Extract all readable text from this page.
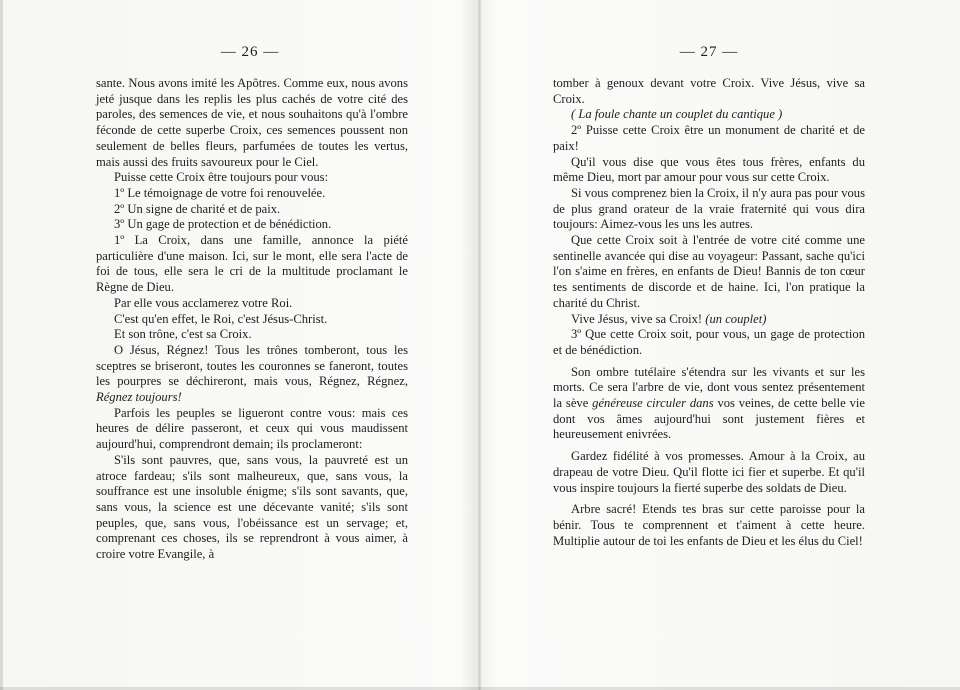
— 26 —

sante. Nous avons imité les Apôtres. Comme eux, nous avons jeté jusque dans les replis les plus cachés de votre cité des paroles, des semences de vie, et nous souhaitons qu'à l'ombre féconde de cette superbe Croix, ces semences poussent non seulement de belles fleurs, parfumées de toutes les vertus, mais aussi des fruits savoureux pour le Ciel.

Puisse cette Croix être toujours pour vous:

1º Le témoignage de votre foi renouvelée.

2º Un signe de charité et de paix.

3º Un gage de protection et de bénédiction.

1º La Croix, dans une famille, annonce la piété particulière d'une maison. Ici, sur le mont, elle sera l'acte de foi de tous, elle sera le cri de la multitude proclamant le Règne de Dieu.

Par elle vous acclamerez votre Roi.

C'est qu'en effet, le Roi, c'est Jésus-Christ.

Et son trône, c'est sa Croix.

O Jésus, Régnez! Tous les trônes tomberont, tous les sceptres se briseront, toutes les couronnes se faneront, toutes les pourpres se déchireront, mais vous, Régnez, Régnez, Régnez toujours!

Parfois les peuples se ligueront contre vous: mais ces heures de délire passeront, et ceux qui vous maudissent aujourd'hui, comprendront demain; ils proclameront:

S'ils sont pauvres, que, sans vous, la pauvreté est un atroce fardeau; s'ils sont malheureux, que, sans vous, la souffrance est une insoluble énigme; s'ils sont savants, que, sans vous, la science est une décevante vanité; s'ils sont peuples, que, sans vous, l'obéissance est un servage; et, comprenant ces choses, ils se reprendront à vous aimer, à croire votre Evangile, à

— 27 —

tomber à genoux devant votre Croix. Vive Jésus, vive sa Croix.

( La foule chante un couplet du cantique )

2º Puisse cette Croix être un monument de charité et de paix!

Qu'il vous dise que vous êtes tous frères, enfants du même Dieu, mort par amour pour vous sur cette Croix.

Si vous comprenez bien la Croix, il n'y aura pas pour vous de plus grand orateur de la vraie fraternité qui vous dira toujours: Aimez-vous les uns les autres.

Que cette Croix soit à l'entrée de votre cité comme une sentinelle avancée qui dise au voyageur: Passant, sache qu'ici l'on s'aime en frères, en enfants de Dieu! Bannis de ton cœur tes sentiments de discorde et de haine. Ici, l'on pratique la charité du Christ.

Vive Jésus, vive sa Croix! (un couplet)

3º Que cette Croix soit, pour vous, un gage de protection et de bénédiction.

Son ombre tutélaire s'étendra sur les vivants et sur les morts. Ce sera l'arbre de vie, dont vous sentez présentement la sève généreuse circuler dans vos veines, de cette belle vie dont vos âmes aujourd'hui sont justement fières et heureusement enivrées.

Gardez fidélité à vos promesses. Amour à la Croix, au drapeau de votre Dieu. Qu'il flotte ici fier et superbe. Et qu'il vous inspire toujours la fierté superbe des soldats de Dieu.

Arbre sacré! Etends tes bras sur cette paroisse pour la bénir. Tous te comprennent et t'aiment à cette heure. Multiplie autour de toi les enfants de Dieu et les élus du Ciel!
